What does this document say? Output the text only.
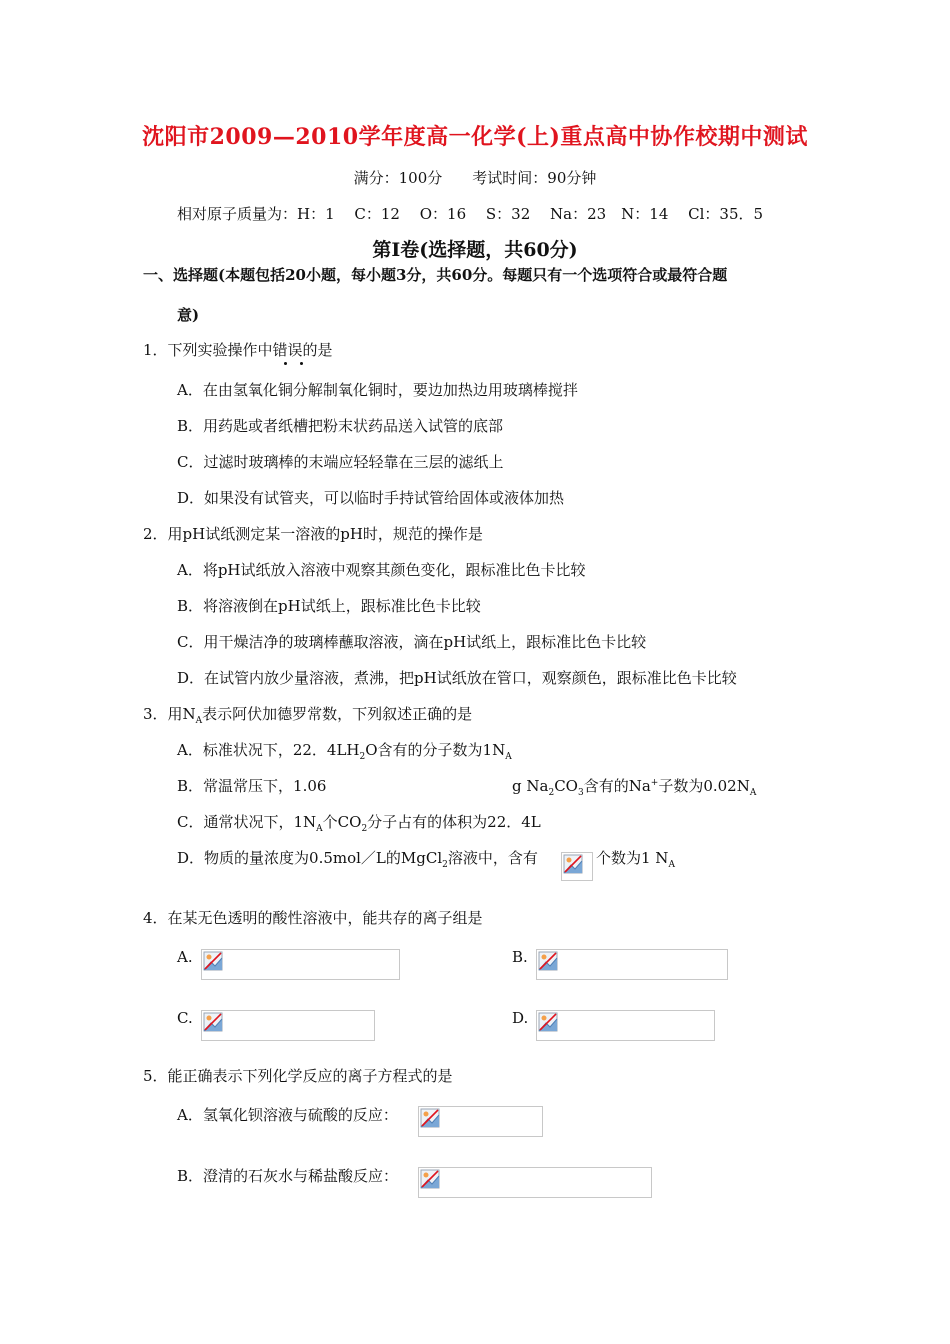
沈阳市2009—2010学年度高一化学(上)重点高中协作校期中测试
满分：100分　　考试时间：90分钟
相对原子质量为：H：1　 C：12　 O：16　 S：32　 Na：23　N：14　 Cl：35．5
第Ⅰ卷(选择题，共60分)
一、选择题(本题包括20小题，每小题3分，共60分。每题只有一个选项符合或最符合题
意)
1．下列实验操作中错误的是
A．在由氢氧化铜分解制氧化铜时，要边加热边用玻璃棒搅拌
B．用药匙或者纸槽把粉末状药品送入试管的底部
C．过滤时玻璃棒的末端应轻轻靠在三层的滤纸上
D．如果没有试管夹，可以临时手持试管给固体或液体加热
2．用pH试纸测定某一溶液的pH时，规范的操作是
A．将pH试纸放入溶液中观察其颜色变化，跟标准比色卡比较
B．将溶液倒在pH试纸上，跟标准比色卡比较
C．用干燥洁净的玻璃棒蘸取溶液，滴在pH试纸上，跟标准比色卡比较
D．在试管内放少量溶液，煮沸，把pH试纸放在管口，观察颜色，跟标准比色卡比较
3．用$N_A$表示阿伏加德罗常数，下列叙述正确的是
A．标准状况下，22．$4LH_2O$含有的分子数为$1N_A$
B．常温常压下，1.06	g $Na_2CO_3$含有的Na+子数为$0.02N_A$
C．通常状况下，$1N_A$个$CO_2$分子占有的体积为22．4L
D．物质的量浓度为0.5mol／L的MgCl$_2$溶液中，含有	个数为1 $N_A$
4．在某无色透明的酸性溶液中，能共存的离子组是
A.	B.
C.	D.
5．能正确表示下列化学反应的离子方程式的是
A．氢氧化钡溶液与硫酸的反应：
B．澄清的石灰水与稀盐酸反应：
